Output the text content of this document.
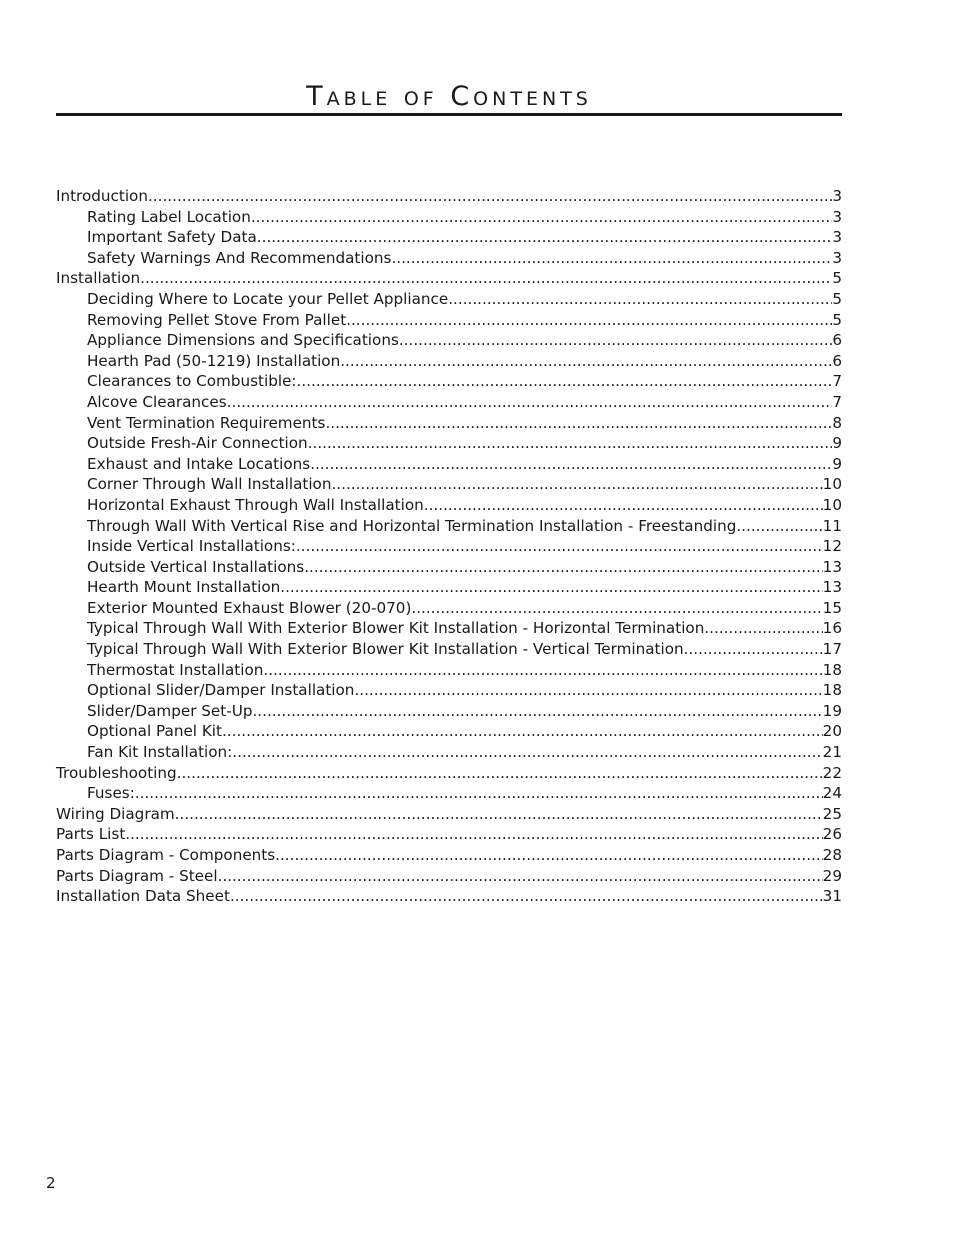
Table of Contents
Introduction .....	3
Rating Label Location .....	3
Important Safety Data .....	3
Safety Warnings And Recommendations .....	3
Installation .....	5
Deciding Where to Locate your Pellet Appliance .....	5
Removing Pellet Stove From Pallet .....	5
Appliance Dimensions and Specifications .....	6
Hearth Pad (50-1219) Installation .....	6
Clearances to Combustible: .....	7
Alcove Clearances .....	7
Vent Termination Requirements .....	8
Outside Fresh-Air Connection .....	9
Exhaust and Intake Locations .....	9
Corner Through Wall Installation .....	10
Horizontal Exhaust Through Wall Installation .....	10
Through Wall With Vertical Rise and Horizontal Termination Installation - Freestanding .....	11
Inside Vertical Installations: .....	12
Outside Vertical Installations .....	13
Hearth Mount Installation .....	13
Exterior Mounted Exhaust Blower (20-070) .....	15
Typical Through Wall With Exterior Blower Kit Installation - Horizontal Termination .....	16
Typical Through Wall With Exterior Blower Kit Installation - Vertical Termination .....	17
Thermostat Installation .....	18
Optional Slider/Damper Installation .....	18
Slider/Damper Set-Up .....	19
Optional Panel Kit .....	20
Fan Kit Installation: .....	21
Troubleshooting .....	22
Fuses: .....	24
Wiring Diagram .....	25
Parts List .....	26
Parts Diagram - Components .....	28
Parts Diagram - Steel .....	29
Installation Data Sheet .....	31

2
